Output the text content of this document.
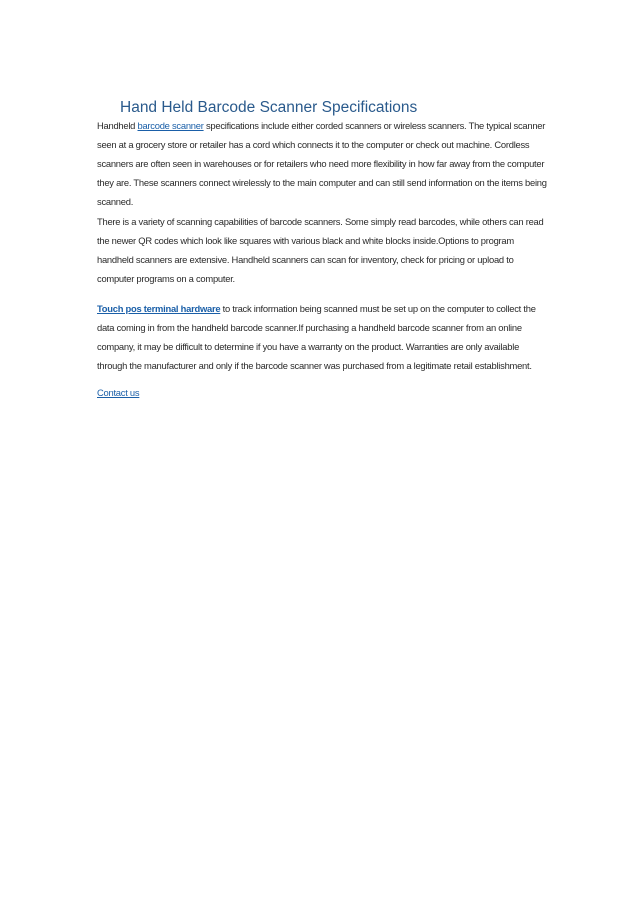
Hand Held Barcode Scanner Specifications

Handheld barcode scanner specifications include either corded scanners or wireless scanners. The typical scanner seen at a grocery store or retailer has a cord which connects it to the computer or check out machine. Cordless scanners are often seen in warehouses or for retailers who need more flexibility in how far away from the computer they are. These scanners connect wirelessly to the main computer and can still send information on the items being scanned.

There is a variety of scanning capabilities of barcode scanners. Some simply read barcodes, while others can read the newer QR codes which look like squares with various black and white blocks inside.Options to program handheld scanners are extensive. Handheld scanners can scan for inventory, check for pricing or upload to computer programs on a computer.

Touch pos terminal hardware to track information being scanned must be set up on the computer to collect the data coming in from the handheld barcode scanner.If purchasing a handheld barcode scanner from an online company, it may be difficult to determine if you have a warranty on the product. Warranties are only available through the manufacturer and only if the barcode scanner was purchased from a legitimate retail establishment.

Contact us
